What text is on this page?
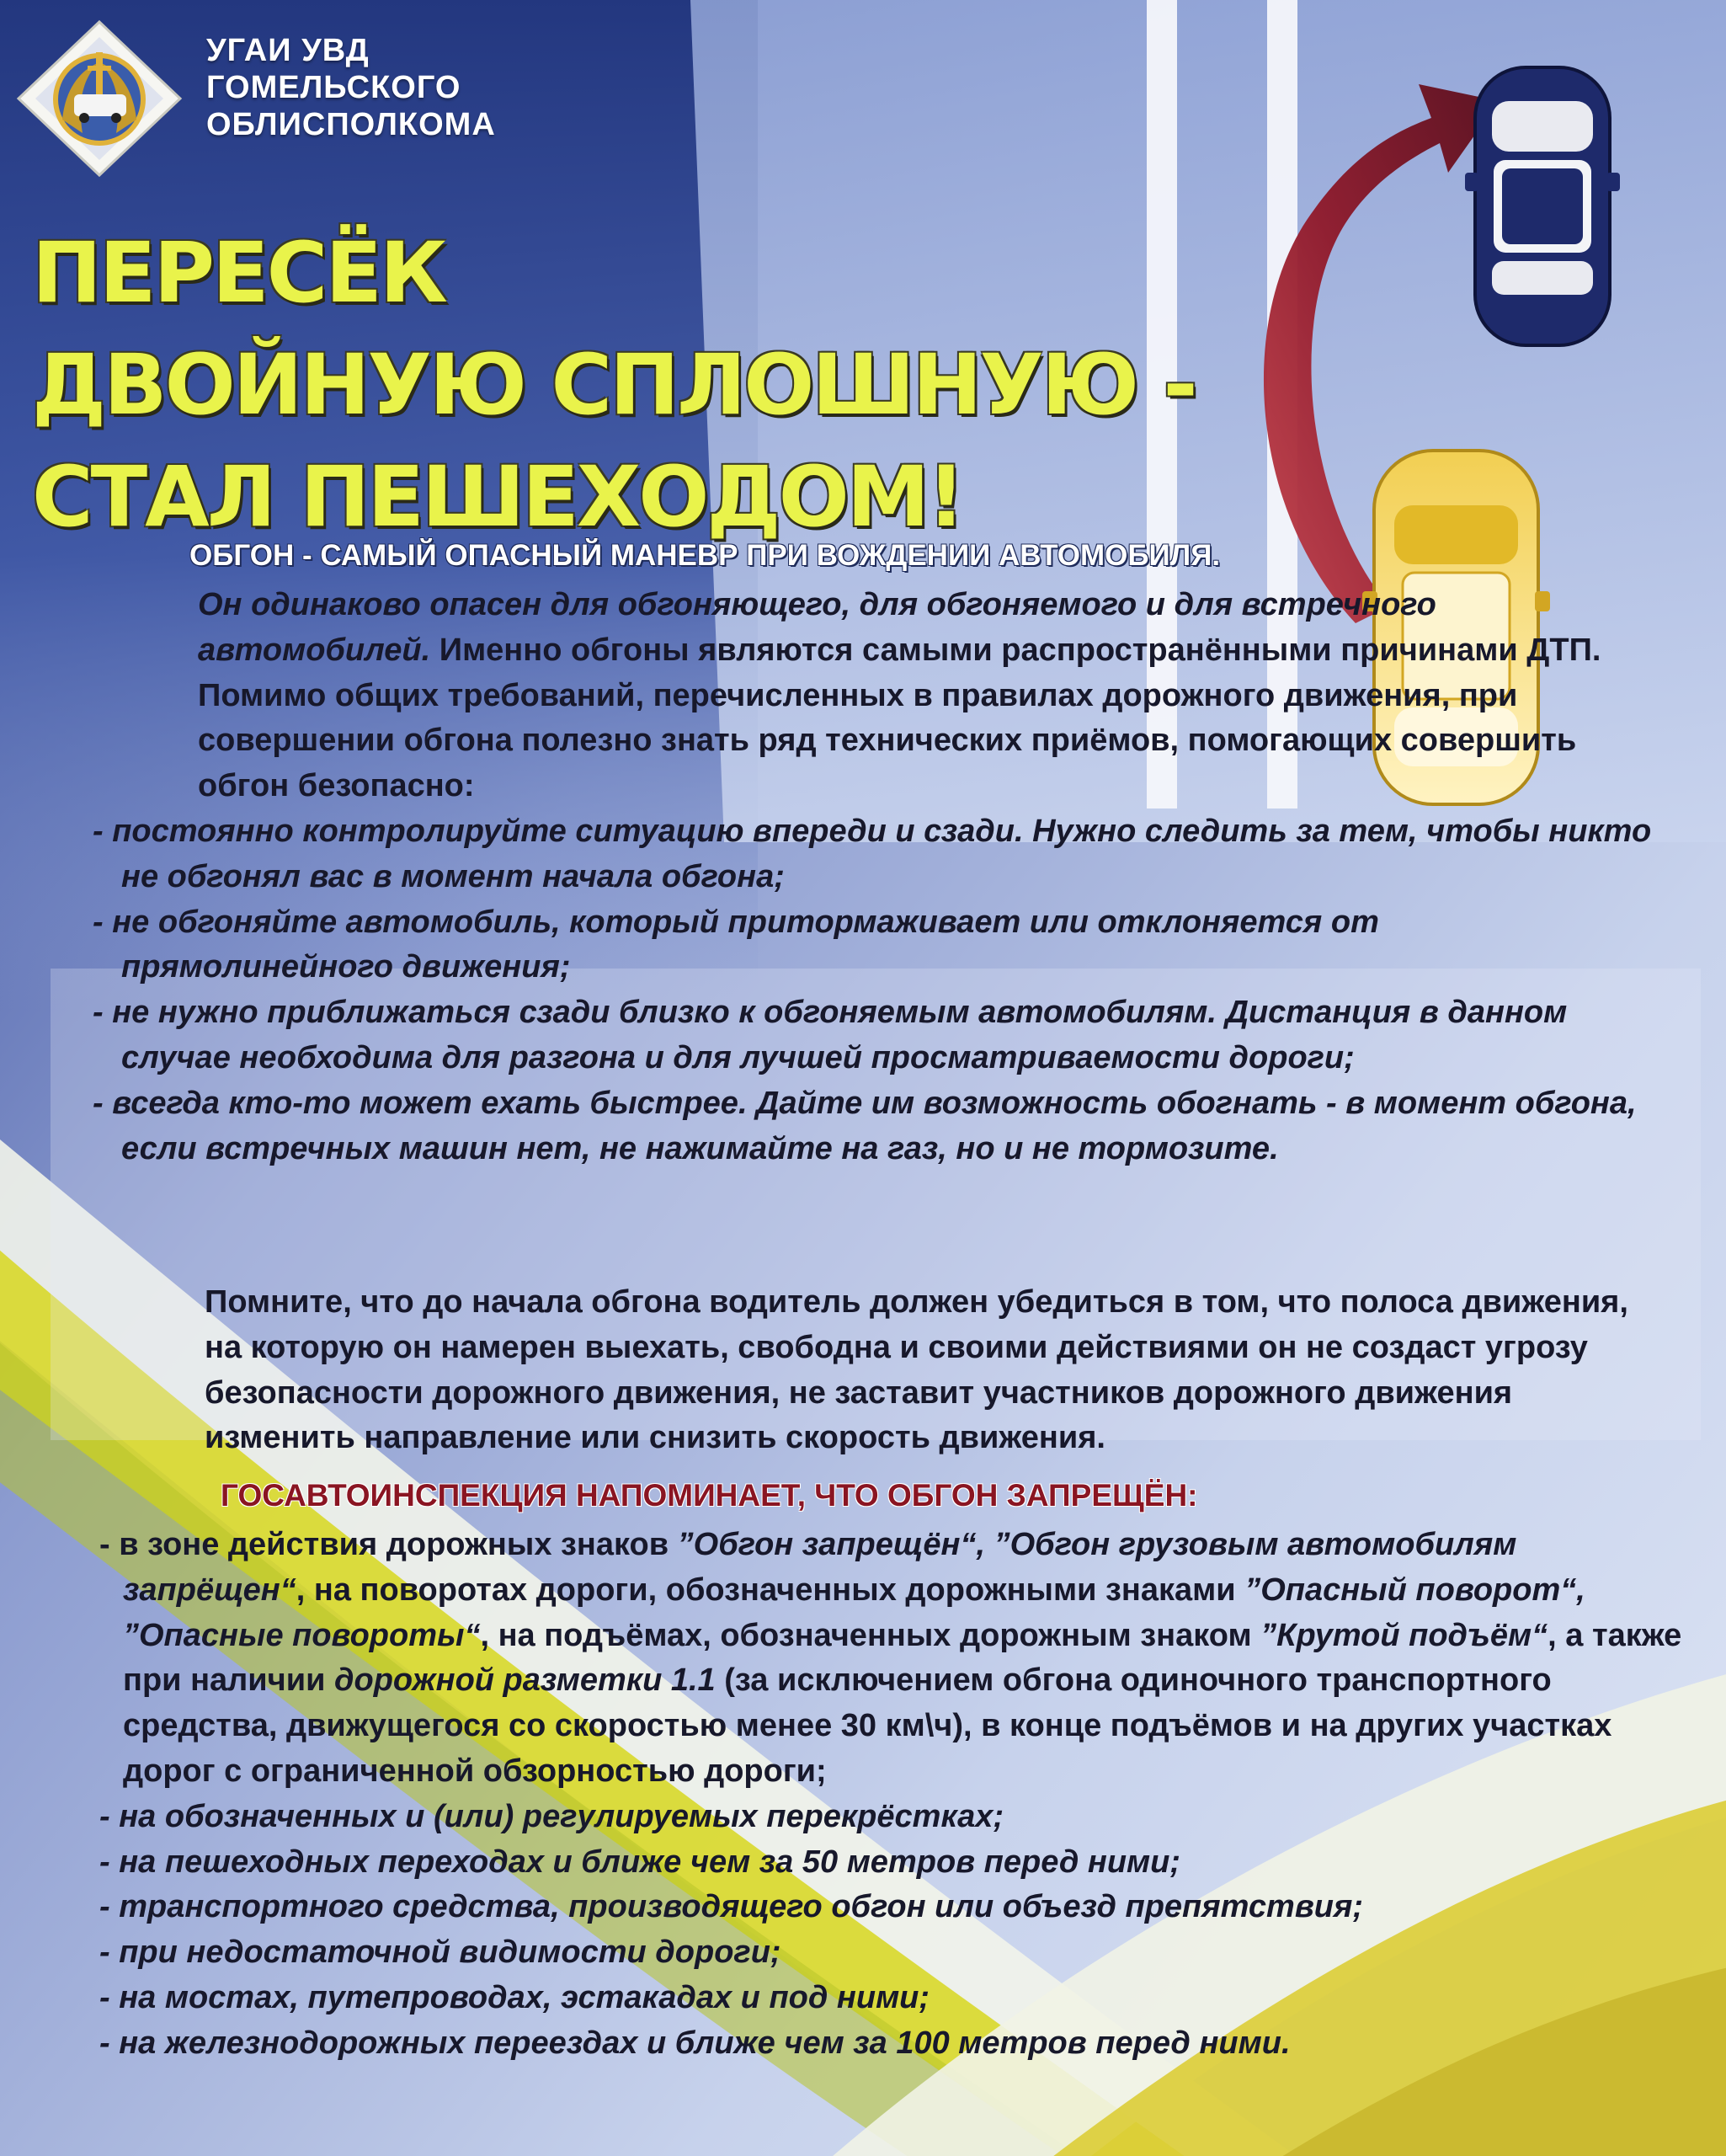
УГАИ УВД
ГОМЕЛЬСКОГО
ОБЛИСПОЛКОМА
ПЕРЕСЁК
ДВОЙНУЮ СПЛОШНУЮ -
СТАЛ ПЕШЕХОДОМ!
ОБГОН - САМЫЙ ОПАСНЫЙ МАНЕВР ПРИ ВОЖДЕНИИ АВТОМОБИЛЯ.

Он одинаково опасен для обгоняющего, для обгоняемого и для встречного автомобилей. Именно обгоны являются самыми распространёнными причинами ДТП. Помимо общих требований, перечисленных в правилах дорожного движения, при совершении обгона полезно знать ряд технических приёмов, помогающих совершить обгон безопасно:

- постоянно контролируйте ситуацию впереди и сзади. Нужно следить за тем, чтобы никто не обгонял вас в момент начала обгона;

- не обгоняйте автомобиль, который притормаживает или отклоняется от прямолинейного движения;

- не нужно приближаться сзади близко к обгоняемым автомобилям. Дистанция в данном случае необходима для разгона и для лучшей просматриваемости дороги;

- всегда кто-то может ехать быстрее. Дайте им возможность обогнать - в момент обгона, если встречных машин нет, не нажимайте на газ, но и не тормозите.

Помните, что до начала обгона водитель должен убедиться в том, что полоса движения, на которую он намерен выехать, свободна и своими действиями он не создаст угрозу безопасности дорожного движения, не заставит участников дорожного движения изменить направление или снизить скорость движения.

ГОСАВТОИНСПЕКЦИЯ НАПОМИНАЕТ, ЧТО ОБГОН ЗАПРЕЩЁН:

- в зоне действия дорожных знаков ”Обгон запрещён“, ”Обгон грузовым автомобилям запрёщен“, на поворотах дороги, обозначенных дорожными знаками ”Опасный поворот“, ”Опасные повороты“, на подъёмах, обозначенных дорожным знаком ”Крутой подъём“, а также при наличии дорожной разметки 1.1 (за исключением обгона одиночного транспортного средства, движущегося со скоростью менее 30 км\ч), в конце подъёмов и на других участках дорог с ограниченной обзорностью дороги;

- на обозначенных и (или) регулируемых перекрёстках;

- на пешеходных переходах и ближе чем за 50 метров перед ними;

- транспортного средства, производящего обгон или объезд препятствия;

- при недостаточной видимости дороги;

- на мостах, путепроводах, эстакадах и под ними;

- на железнодорожных переездах и ближе чем за 100 метров перед ними.
